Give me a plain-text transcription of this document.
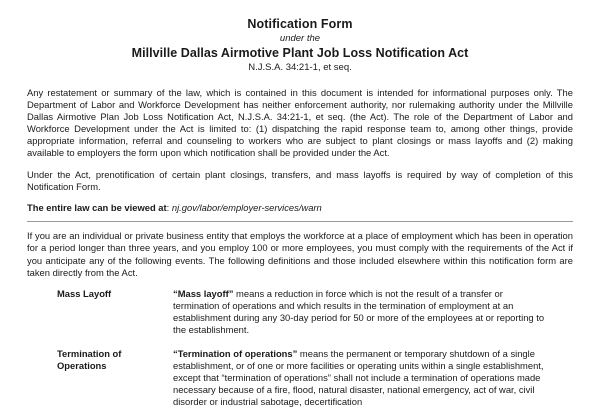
Notification Form
under the
Millville Dallas Airmotive Plant Job Loss Notification Act
N.J.S.A. 34:21-1, et seq.

Any restatement or summary of the law, which is contained in this document is intended for informational purposes only. The Department of Labor and Workforce Development has neither enforcement authority, nor rulemaking authority under the Millville Dallas Airmotive Plan Job Loss Notification Act, N.J.S.A. 34:21-1, et seq. (the Act). The role of the Department of Labor and Workforce Development under the Act is limited to: (1) dispatching the rapid response team to, among other things, provide appropriate information, referral and counseling to workers who are subject to plant closings or mass layoffs and (2) making available to employers the form upon which notification shall be provided under the Act.

Under the Act, prenotification of certain plant closings, transfers, and mass layoffs is required by way of completion of this Notification Form.

The entire law can be viewed at: nj.gov/labor/employer-services/warn

If you are an individual or private business entity that employs the workforce at a place of employment which has been in operation for a period longer than three years, and you employ 100 or more employees, you must comply with the requirements of the Act if you anticipate any of the following events. The following definitions and those included elsewhere within this notification form are taken directly from the Act.

Mass Layoff	“Mass layoff” means a reduction in force which is not the result of a transfer or termination of operations and which results in the termination of employment at an establishment during any 30-day period for 50 or more of the employees at or reporting to the establishment.
Termination of Operations
“Termination of operations” means the permanent or temporary shutdown of a single establishment, or of one or more facilities or operating units within a single establishment, except that “termination of operations” shall not include a termination of operations made necessary because of a fire, flood, natural disaster, national emergency, act of war, civil disorder or industrial sabotage, decertification
